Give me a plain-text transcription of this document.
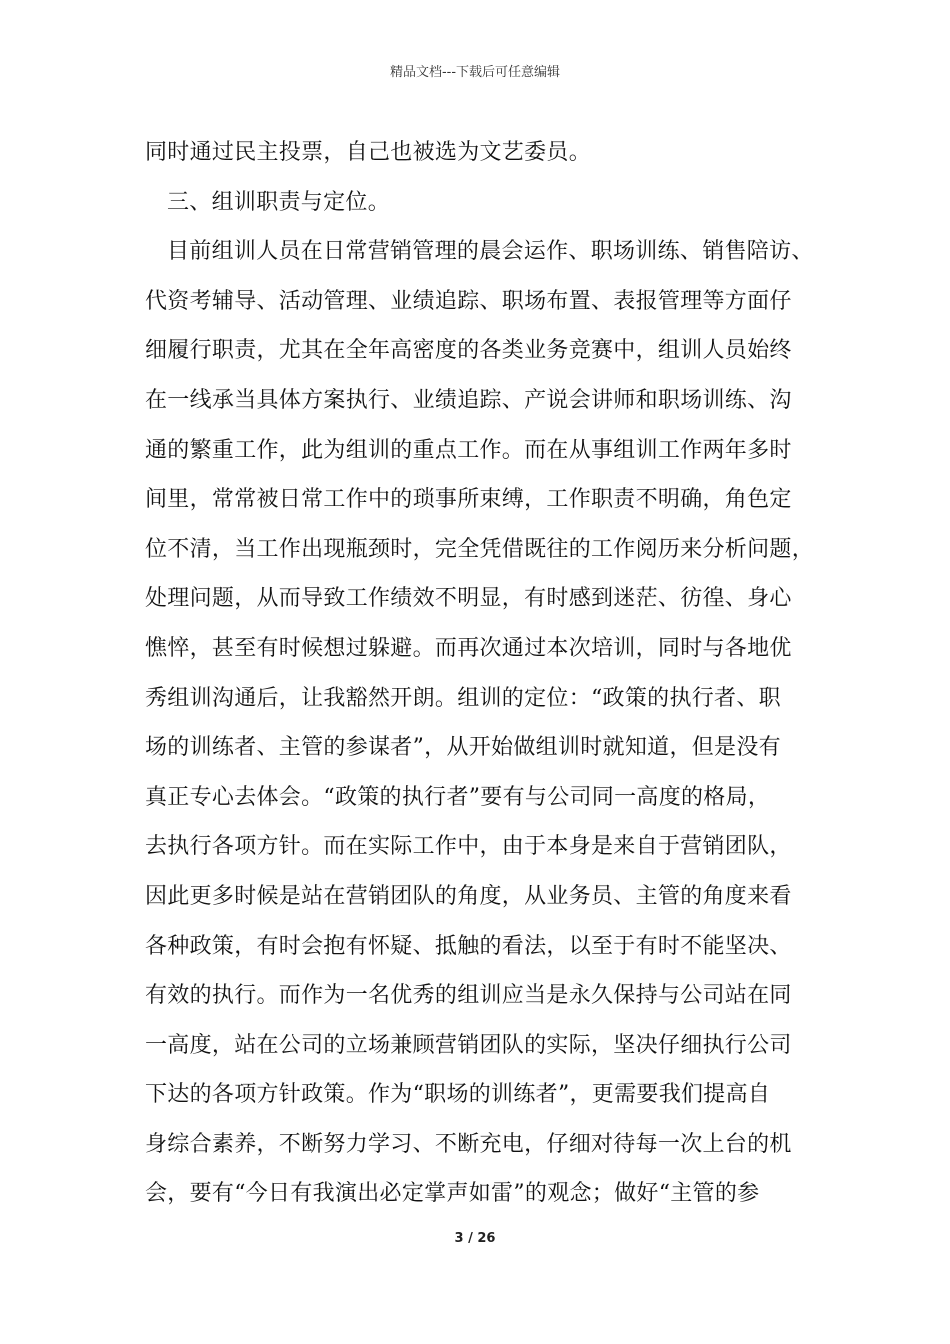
精品文档---下载后可任意编辑
同时通过民主投票，自己也被选为文艺委员。
三、组训职责与定位。
目前组训人员在日常营销管理的晨会运作、职场训练、销售陪访、
代资考辅导、活动管理、业绩追踪、职场布置、表报管理等方面仔
细履行职责，尤其在全年高密度的各类业务竞赛中，组训人员始终
在一线承当具体方案执行、业绩追踪、产说会讲师和职场训练、沟
通的繁重工作，此为组训的重点工作。而在从事组训工作两年多时
间里，常常被日常工作中的琐事所束缚，工作职责不明确，角色定
位不清，当工作出现瓶颈时，完全凭借既往的工作阅历来分析问题，
处理问题，从而导致工作绩效不明显，有时感到迷茫、彷徨、身心
憔悴，甚至有时候想过躲避。而再次通过本次培训，同时与各地优
秀组训沟通后，让我豁然开朗。组训的定位：“政策的执行者、职
场的训练者、主管的参谋者”，从开始做组训时就知道，但是没有
真正专心去体会。“政策的执行者”要有与公司同一高度的格局，
去执行各项方针。而在实际工作中，由于本身是来自于营销团队，
因此更多时候是站在营销团队的角度，从业务员、主管的角度来看
各种政策，有时会抱有怀疑、抵触的看法，以至于有时不能坚决、
有效的执行。而作为一名优秀的组训应当是永久保持与公司站在同
一高度，站在公司的立场兼顾营销团队的实际，坚决仔细执行公司
下达的各项方针政策。作为“职场的训练者”，更需要我们提高自
身综合素养，不断努力学习、不断充电，仔细对待每一次上台的机
会，要有“今日有我演出必定掌声如雷”的观念；做好“主管的参
3 / 26
